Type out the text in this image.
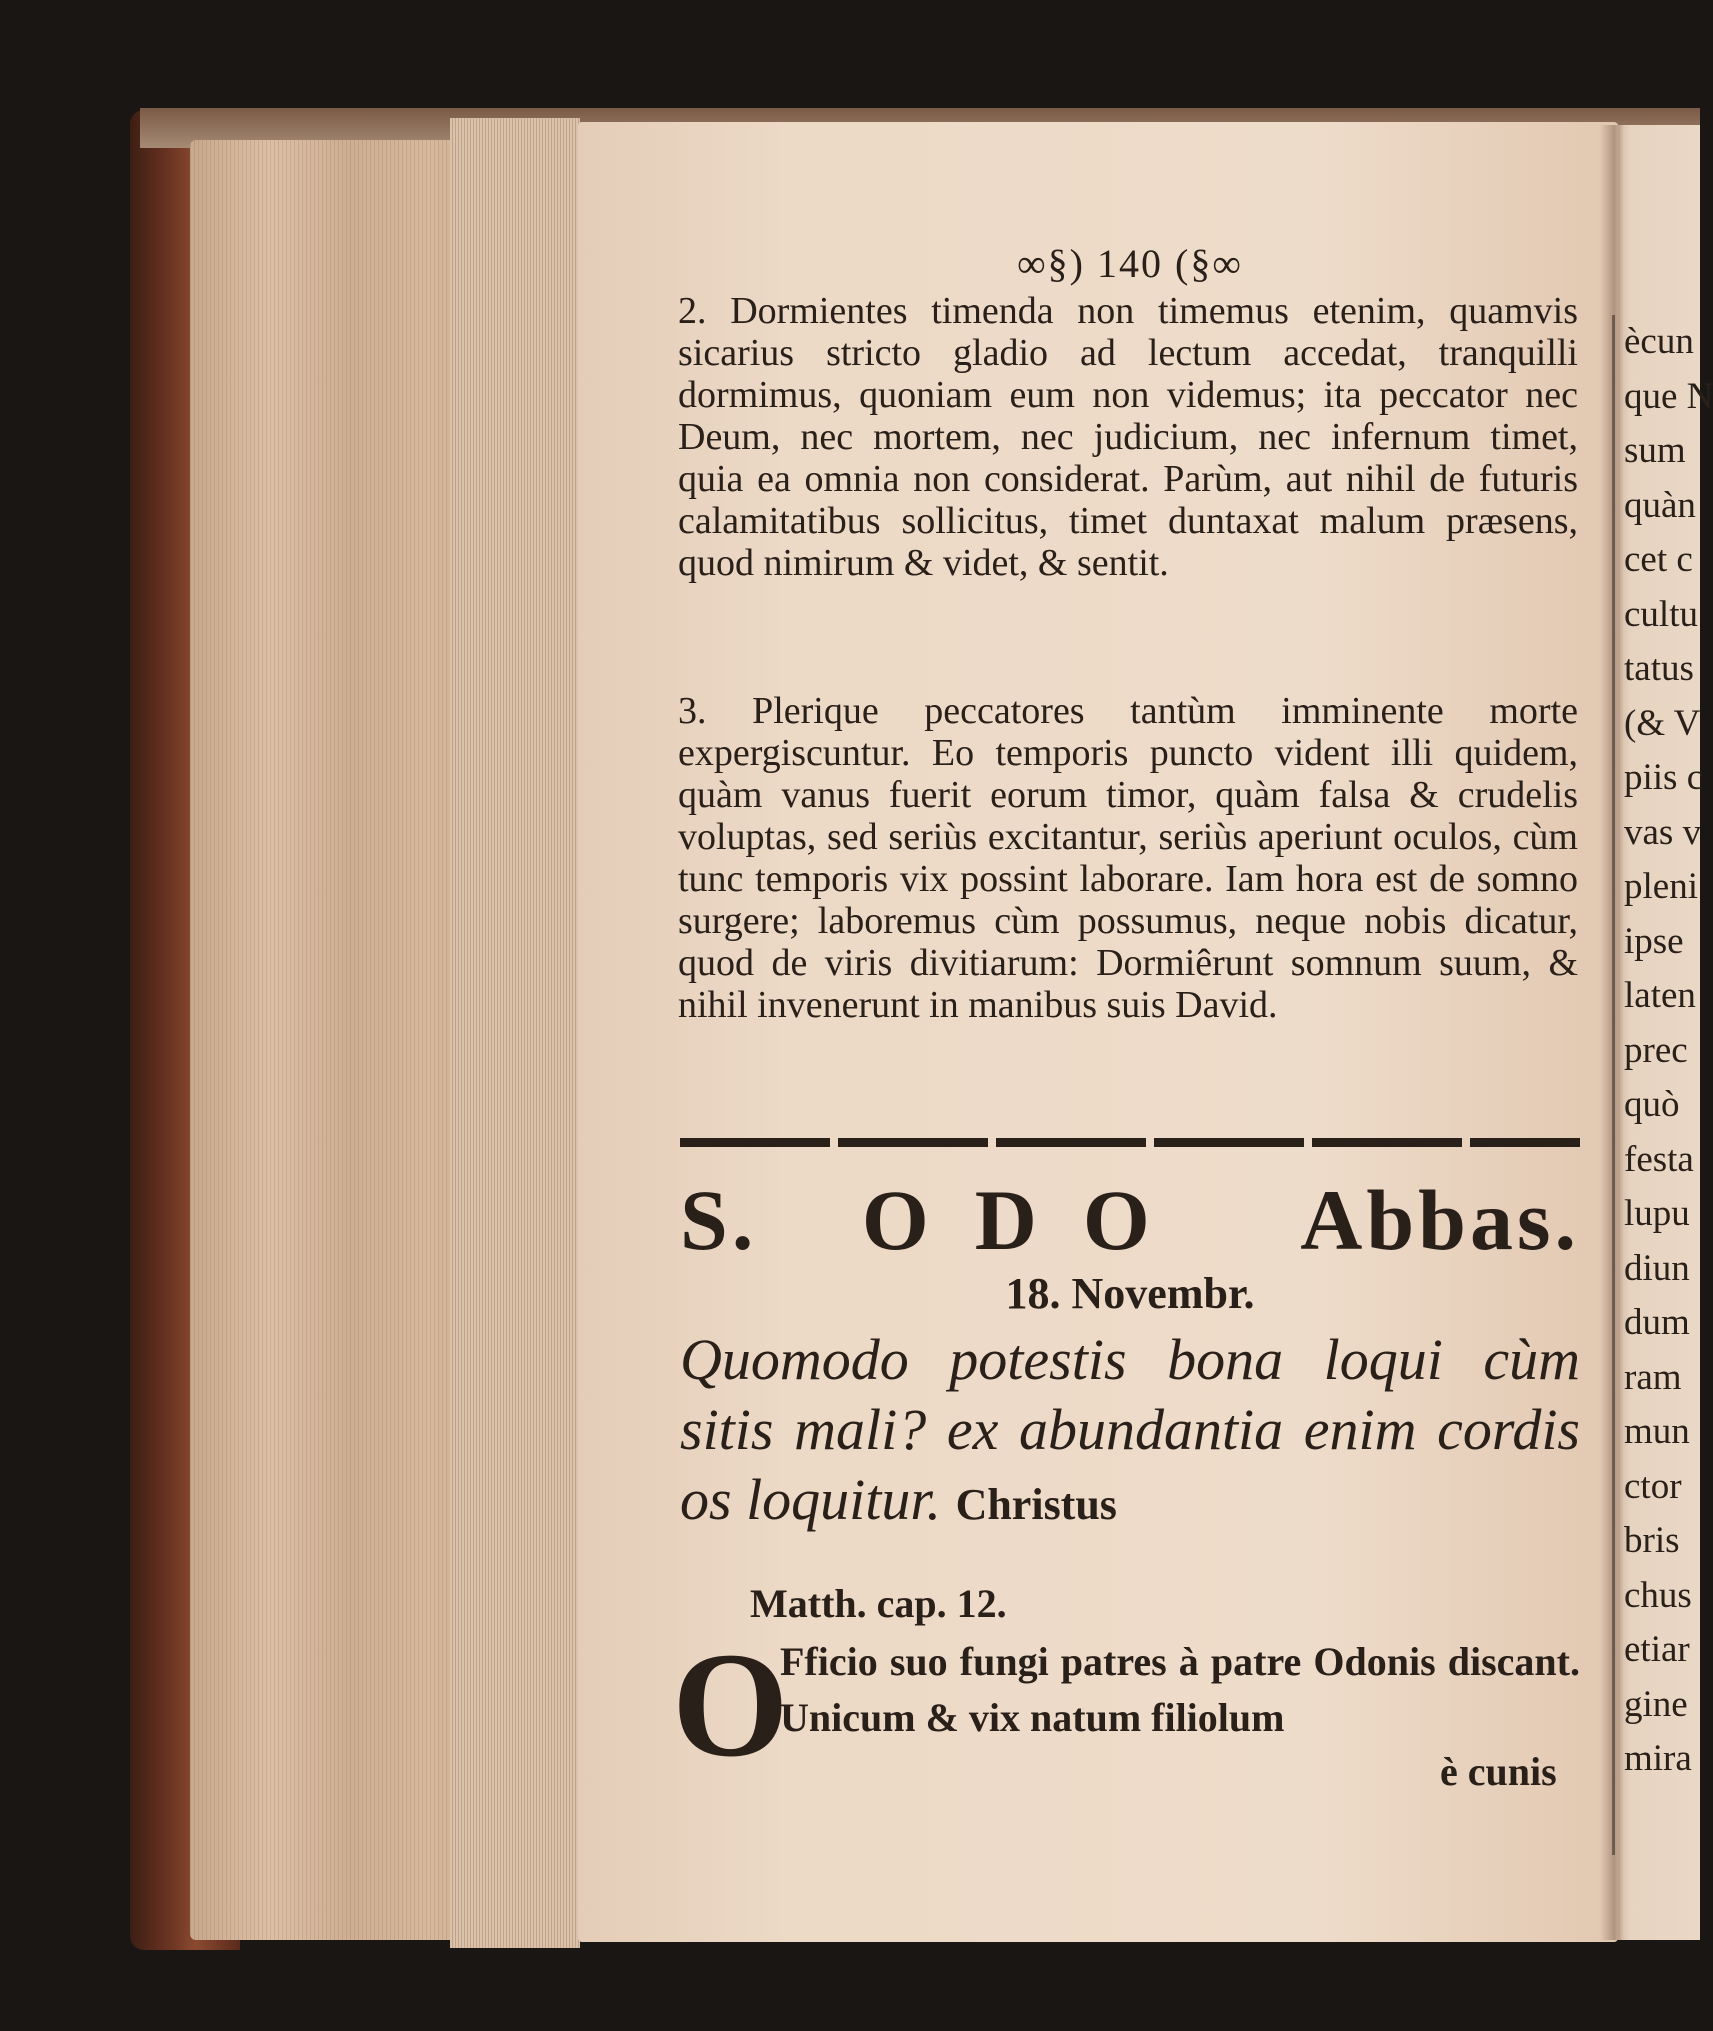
∞§) 140 (§∞
2. Dormientes timenda non timemus etenim, quamvis sicarius stricto gladio ad lectum accedat, tranquilli dormimus, quoniam eum non videmus; ita peccator nec Deum, nec mortem, nec judicium, nec infernum timet, quia ea omnia non considerat. Parùm, aut nihil de futuris calamitatibus sollicitus, timet duntaxat malum præsens, quod nimirum & videt, & sentit.
3. Plerique peccatores tantùm imminente morte expergiscuntur. Eo temporis puncto vident illi quidem, quàm vanus fuerit eorum timor, quàm falsa & crudelis voluptas, sed seriùs excitantur, seriùs aperiunt oculos, cùm tunc temporis vix possint laborare. Iam hora est de somno surgere; laboremus cùm possumus, neque nobis dicatur, quod de viris divitiarum: Dormiêrunt somnum suum, & nihil invenerunt in manibus suis David.
S. ODO Abbas.
18. Novembr.
Quomodo potestis bona loqui cùm sitis mali? ex abundantia enim cordis os loquitur. Christus
Matth. cap. 12.
O
Fficio suo fungi patres à patre Odonis discant. Unicum & vix natum filiolum
è cunis
ècun
que N
sum
quàn
cet c
cultu
tatus
(& V
piis c
vas v
pleni
ipse
laten
prec
quò
festa
lupu
diun
dum
ram
mun
ctor
bris
chus
etiar
gine
mira
